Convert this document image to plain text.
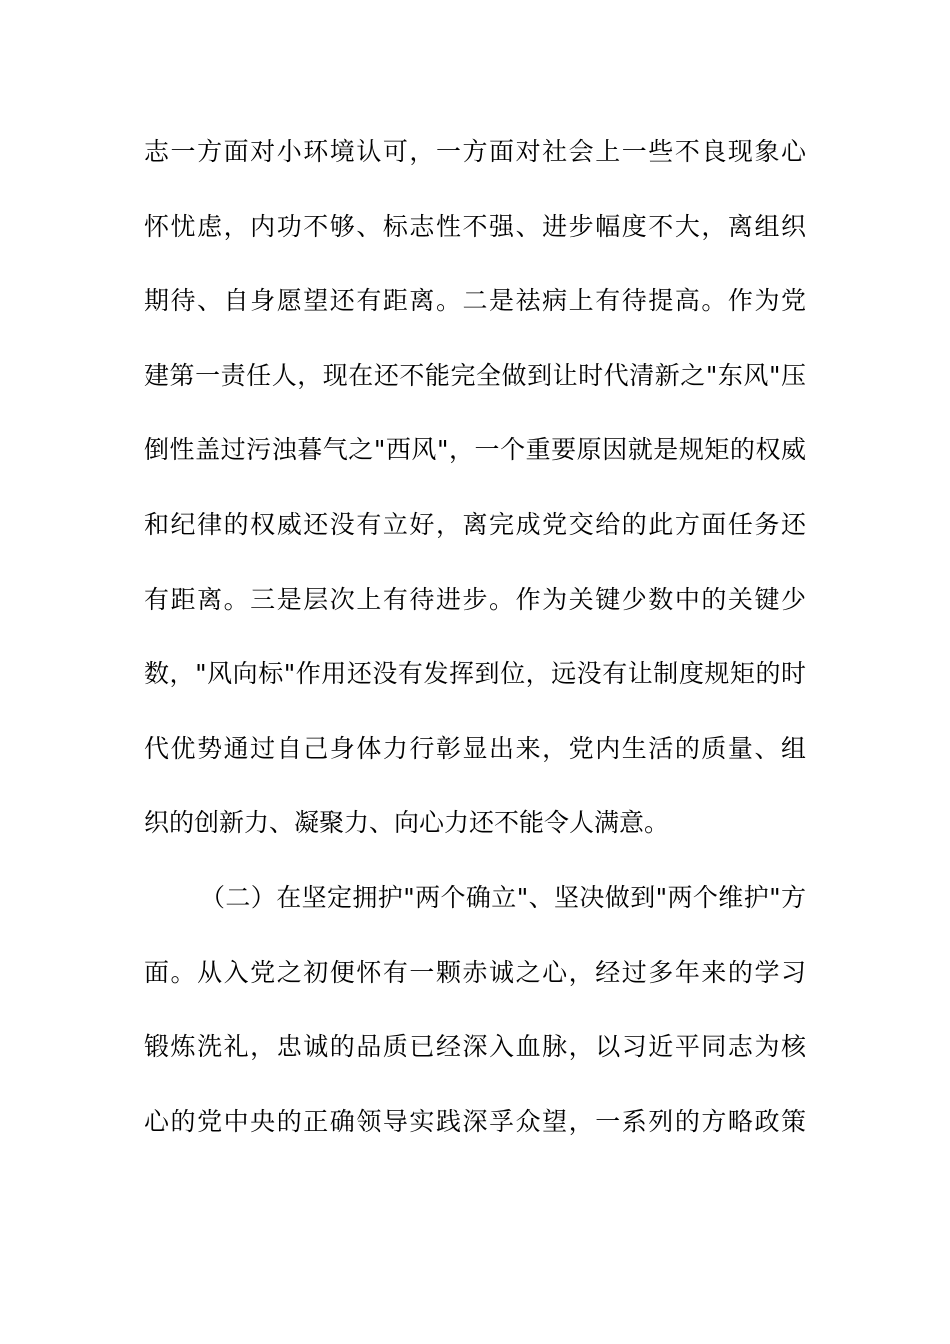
志一方面对小环境认可，一方面对社会上一些不良现象心
怀忧虑，内功不够、标志性不强、进步幅度不大，离组织
期待、自身愿望还有距离。二是祛病上有待提高。作为党
建第一责任人，现在还不能完全做到让时代清新之"东风"压
倒性盖过污浊暮气之"西风"，一个重要原因就是规矩的权威
和纪律的权威还没有立好，离完成党交给的此方面任务还
有距离。三是层次上有待进步。作为关键少数中的关键少
数，"风向标"作用还没有发挥到位，远没有让制度规矩的时
代优势通过自己身体力行彰显出来，党内生活的质量、组
织的创新力、凝聚力、向心力还不能令人满意。
（二）在坚定拥护"两个确立"、坚决做到"两个维护"方
面。从入党之初便怀有一颗赤诚之心，经过多年来的学习
锻炼洗礼，忠诚的品质已经深入血脉，以习近平同志为核
心的党中央的正确领导实践深孚众望，一系列的方略政策
